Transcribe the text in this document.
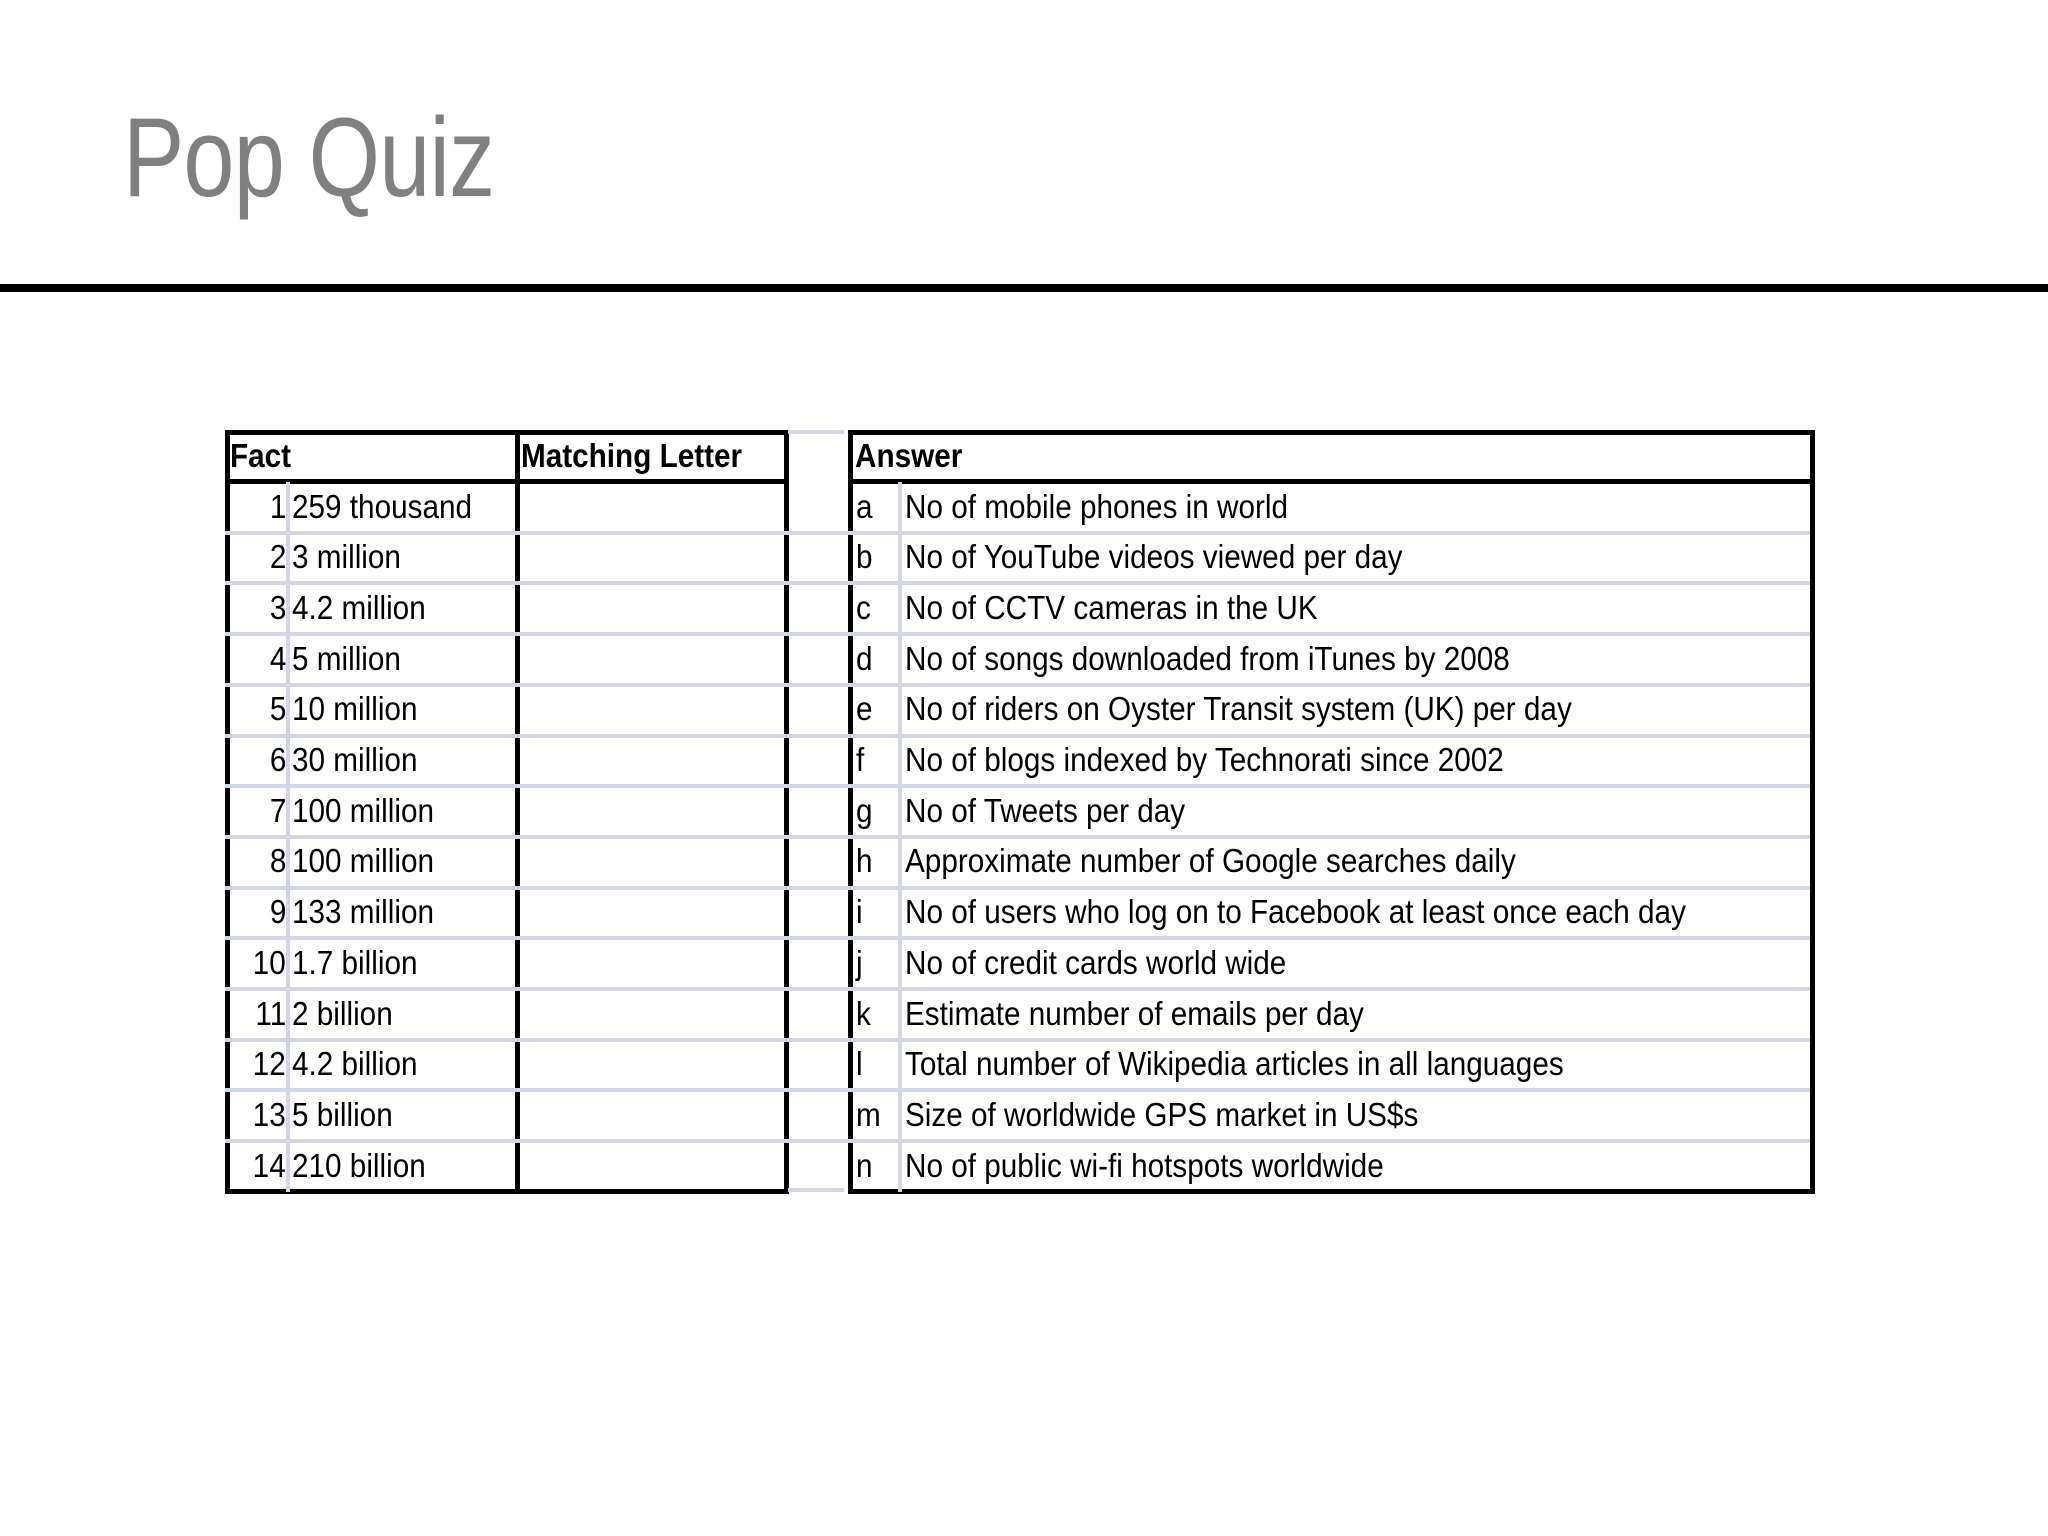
Pop Quiz
Fact	Matching Letter	Answer
1 259 thousand	a No of mobile phones in world
2 3 million	b No of YouTube videos viewed per day
3 4.2 million	c No of CCTV cameras in the UK
4 5 million	d No of songs downloaded from iTunes by 2008
5 10 million	e No of riders on Oyster Transit system (UK) per day
6 30 million	f No of blogs indexed by Technorati since 2002
7 100 million	g No of Tweets per day
8 100 million	h Approximate number of Google searches daily
9 133 million	i No of users who log on to Facebook at least once each day
10 1.7 billion	j No of credit cards world wide
11 2 billion	k Estimate number of emails per day
12 4.2 billion	l Total number of Wikipedia articles in all languages
13 5 billion	m Size of worldwide GPS market in US$s
14 210 billion	n No of public wi-fi hotspots worldwide
